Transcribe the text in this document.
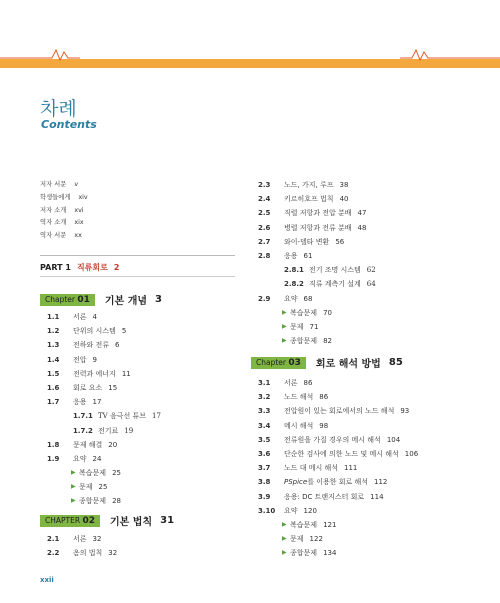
차례
Contents
저자 서문 v
학생들에게 xiv
저자 소개 xvi
역자 소개 xix
역자 서문 xx
PART 1 직류회로 2
Chapter 01 기본 개념 3
1.1 서론 4
1.2 단위의 시스템 5
1.3 전하와 전류 6
1.4 전압 9
1.5 전력과 에너지 11
1.6 회로 요소 15
1.7 응용 17
1.7.1 TV 음극선 튜브 17
1.7.2 전기료 19
1.8 문제 해결 20
1.9 요약 24
▶ 복습문제 25
▶ 문제 25
▶ 종합문제 28
CHAPTER 02 기본 법칙 31
2.1 서론 32
2.2 옴의 법칙 32
2.3 노드, 가지, 루프 38
2.4 키르히호프 법칙 40
2.5 직렬 저항과 전압 분배 47
2.6 병렬 저항과 전류 분배 48
2.7 와이-델타 변환 56
2.8 응용 61
2.8.1 전기 조명 시스템 62
2.8.2 직류 계측기 설계 64
2.9 요약 68
▶ 복습문제 70
▶ 문제 71
▶ 종합문제 82
Chapter 03 회로 해석 방법 85
3.1 서론 86
3.2 노드 해석 86
3.3 전압원이 있는 회로에서의 노드 해석 93
3.4 메시 해석 98
3.5 전류원을 가질 경우의 메시 해석 104
3.6 단순한 검사에 의한 노드 및 메시 해석 106
3.7 노드 대 메시 해석 111
3.8 PSpice를 이용한 회로 해석 112
3.9 응용: DC 트랜지스터 회로 114
3.10 요약 120
▶ 복습문제 121
▶ 문제 122
▶ 종합문제 134
xxii
